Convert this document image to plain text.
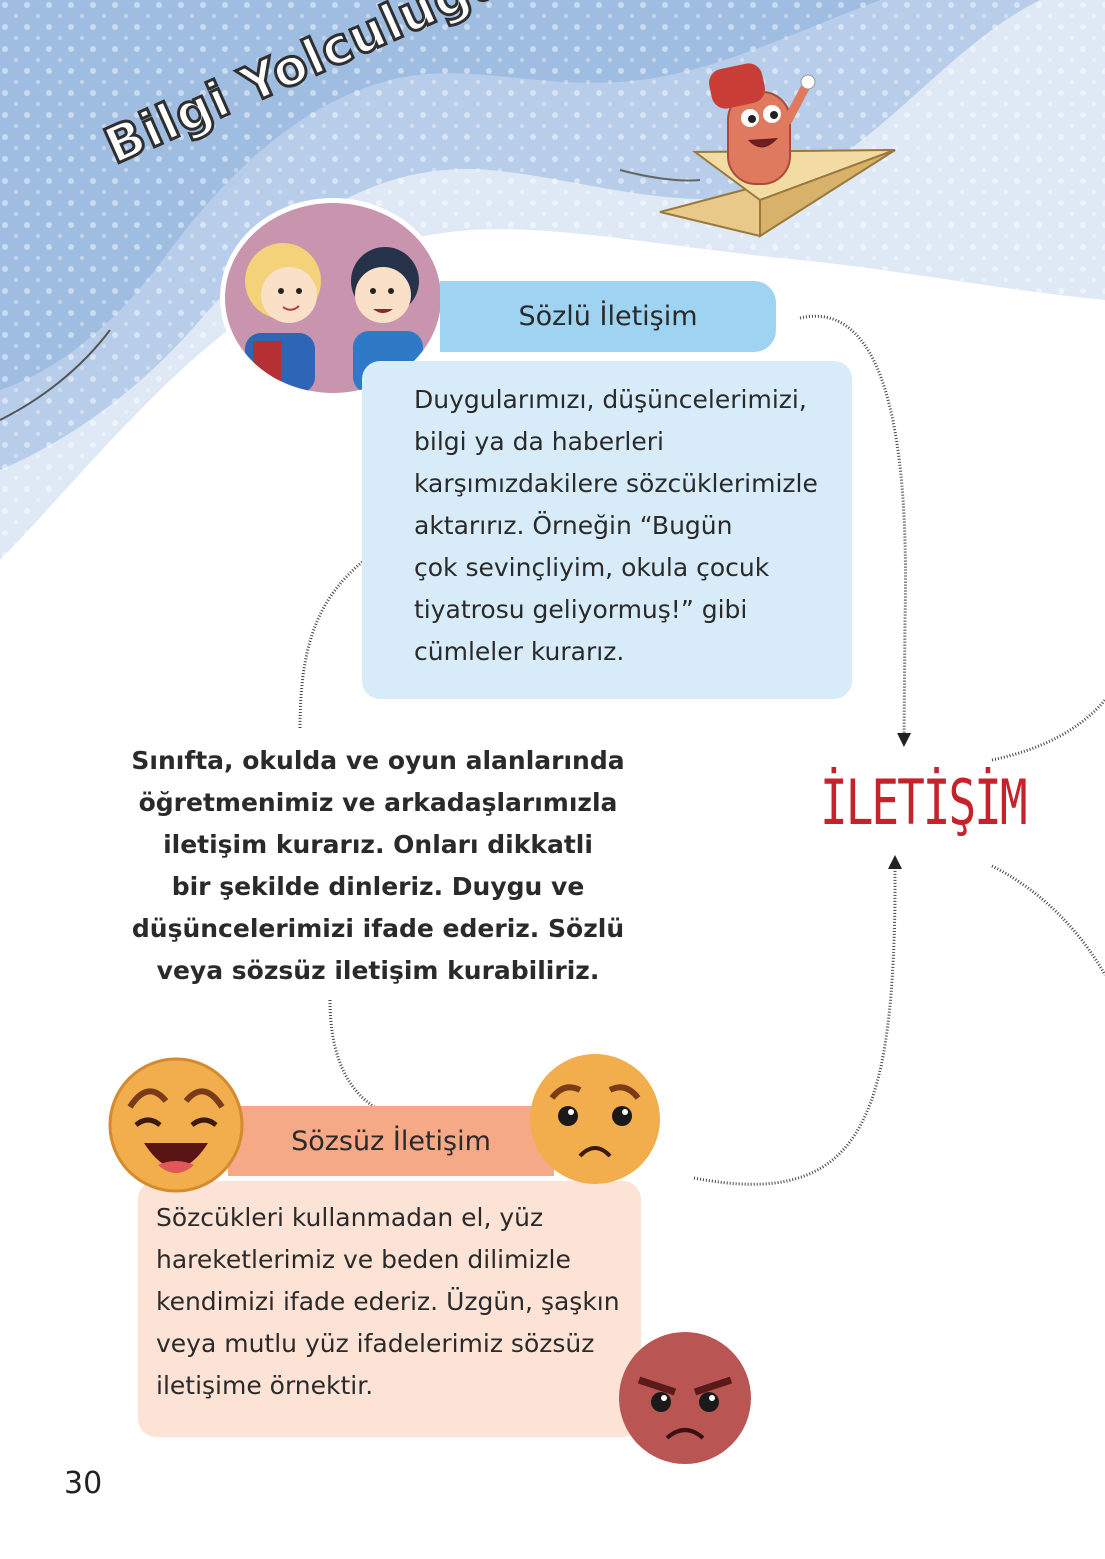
Sözlü İletişim
Duygularımızı, düşüncelerimizi,
bilgi ya da haberleri
karşımızdakilere sözcüklerimizle
aktarırız. Örneğin “Bugün
çok sevinçliyim, okula çocuk
tiyatrosu geliyormuş!” gibi
cümleler kurarız.
Sınıfta, okulda ve oyun alanlarında
öğretmenimiz ve arkadaşlarımızla
iletişim kurarız. Onları dikkatli
bir şekilde dinleriz. Duygu ve
düşüncelerimizi ifade ederiz. Sözlü
veya sözsüz iletişim kurabiliriz.
İLETİŞİM
Sözsüz İletişim
Sözcükleri kullanmadan el, yüz
hareketlerimiz ve beden dilimizle
kendimizi ifade ederiz. Üzgün, şaşkın
veya mutlu yüz ifadelerimiz sözsüz
iletişime örnektir.
30
